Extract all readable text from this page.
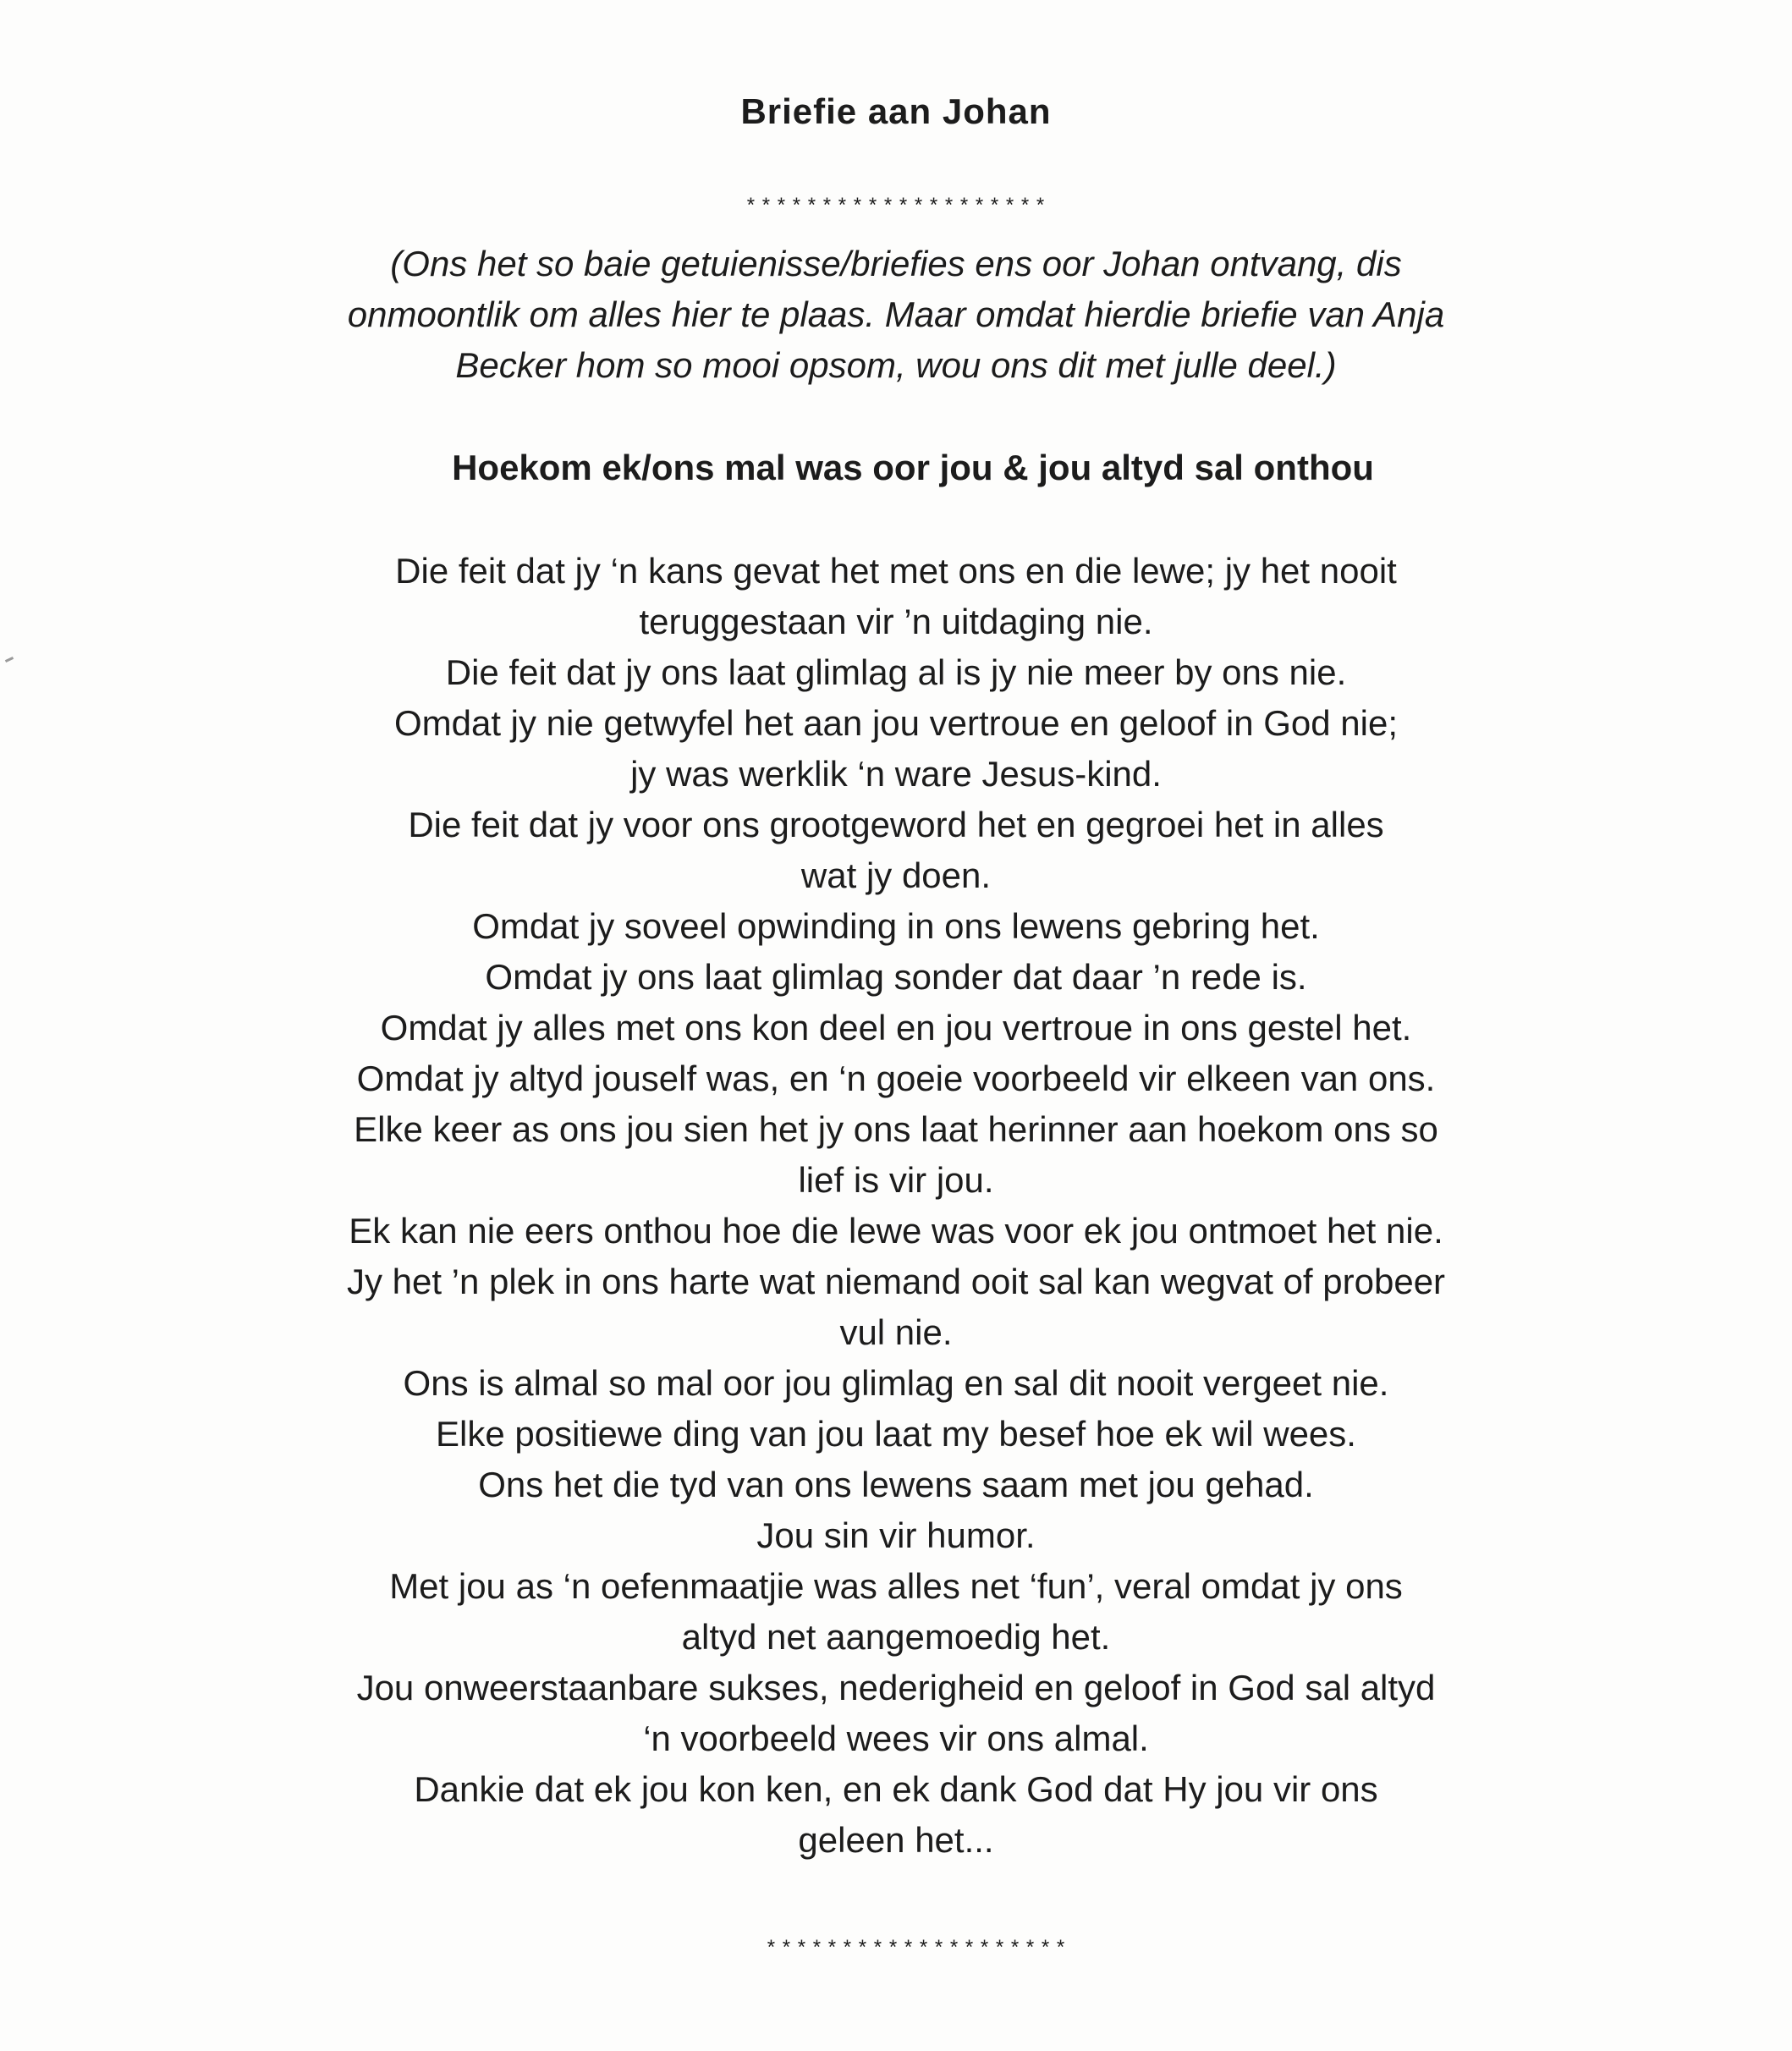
Briefie aan Johan
* * * * * * * * * * * * * * * * * * * *
(Ons het so baie getuienisse/briefies ens oor Johan ontvang, dis
onmoontlik om alles hier te plaas. Maar omdat hierdie briefie van Anja
Becker hom so mooi opsom, wou ons dit met julle deel.)
Hoekom ek/ons mal was oor jou & jou altyd sal onthou
Die feit dat jy ‘n kans gevat het met ons en die lewe; jy het nooit
teruggestaan vir ’n uitdaging nie.
Die feit dat jy ons laat glimlag al is jy nie meer by ons nie.
Omdat jy nie getwyfel het aan jou vertroue en geloof in God nie;
jy was werklik ‘n ware Jesus-kind.
Die feit dat jy voor ons grootgeword het en gegroei het in alles
wat jy doen.
Omdat jy soveel opwinding in ons lewens gebring het.
Omdat jy ons laat glimlag sonder dat daar ’n rede is.
Omdat jy alles met ons kon deel en jou vertroue in ons gestel het.
Omdat jy altyd jouself was, en ‘n goeie voorbeeld vir elkeen van ons.
Elke keer as ons jou sien het jy ons laat herinner aan hoekom ons so
lief is vir jou.
Ek kan nie eers onthou hoe die lewe was voor ek jou ontmoet het nie.
Jy het ’n plek in ons harte wat niemand ooit sal kan wegvat of probeer
vul nie.
Ons is almal so mal oor jou glimlag en sal dit nooit vergeet nie.
Elke positiewe ding van jou laat my besef hoe ek wil wees.
Ons het die tyd van ons lewens saam met jou gehad.
Jou sin vir humor.
Met jou as ‘n oefenmaatjie was alles net ‘fun’, veral omdat jy ons
altyd net aangemoedig het.
Jou onweerstaanbare sukses, nederigheid en geloof in God sal altyd
‘n voorbeeld wees vir ons almal.
Dankie dat ek jou kon ken, en ek dank God dat Hy jou vir ons
geleen het...
* * * * * * * * * * * * * * * * * * * *
